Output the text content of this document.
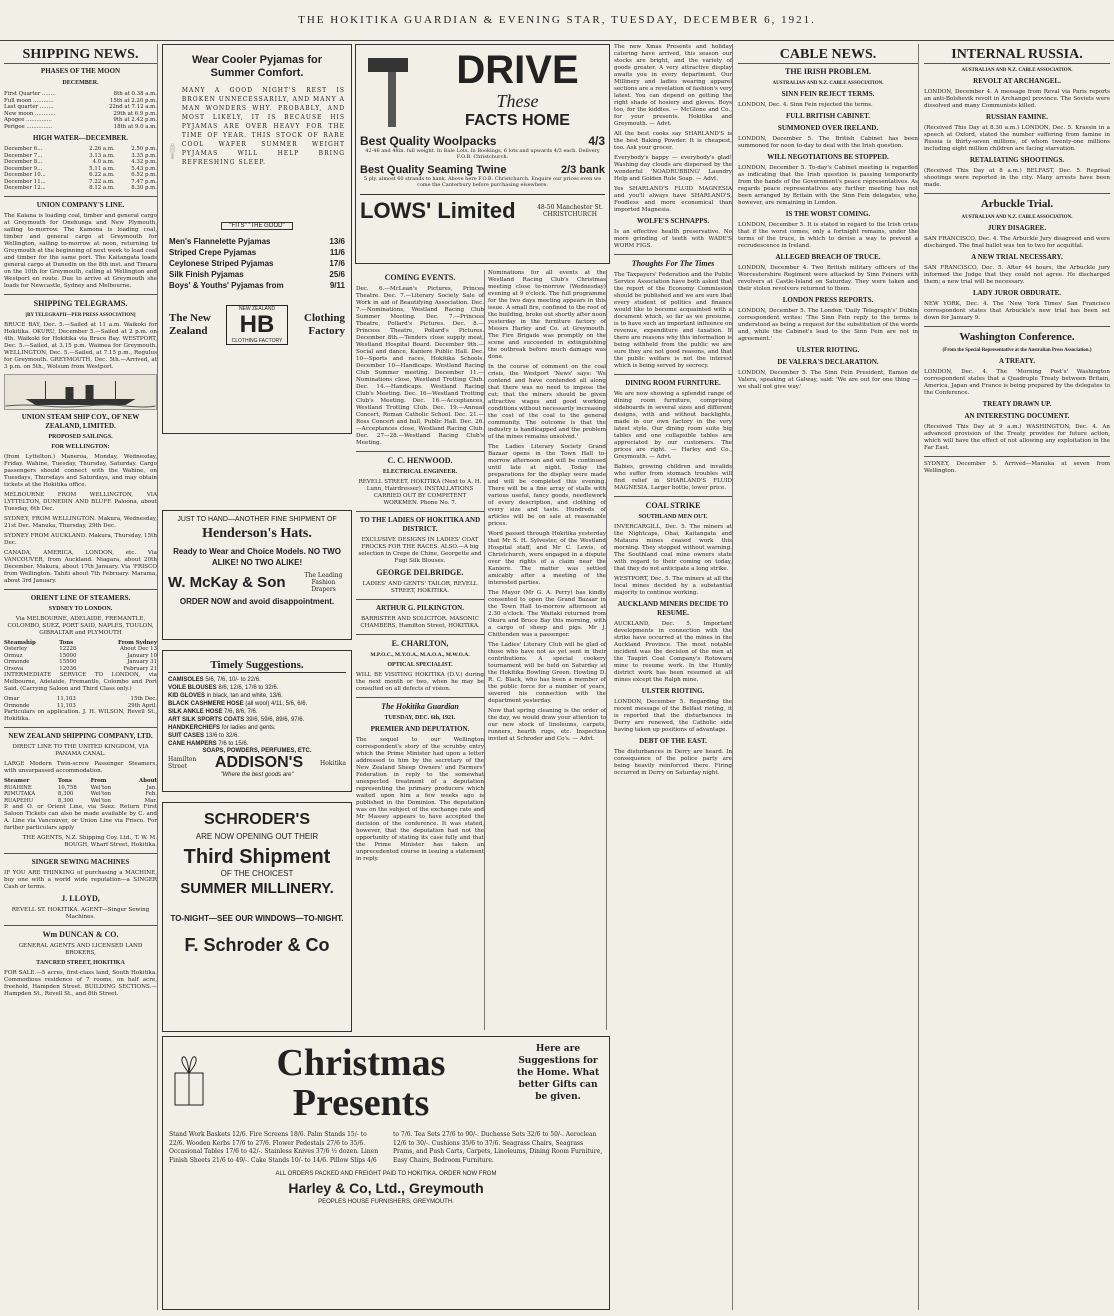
THE HOKITIKA GUARDIAN & EVENING STAR, TUESDAY, DECEMBER 6, 1921.
SHIPPING NEWS.
PHASES OF THE MOON
DECEMBER.
First Quarter ........	8th at 0.38 a.m.
Full moon ............	15th at 2.20 p.m.
Last quarter ........	22nd at 7.12 a.m.
New moon ............	29th at 6.9 p.m.
Apogee ...............	9th at 2.42 p.m.
Perigee ...............	18th at 9.0 a.m.
HIGH WATER—DECEMBER.
December 6...	2.26 a.m.	2.50 p.m.
December 7...	3.13 a.m.	3.35 p.m.
December 8...	4.0 a.m.	4.32 p.m.
December 9...	5.11 a.m.	5.43 p.m.
December 10...	6.22 a.m.	6.52 p.m.
December 11...	7.22 a.m.	7.47 p.m.
December 12...	8.12 a.m.	8.30 p.m.
UNION COMPANY'S LINE.
The Kaiana is loading coal, timber and general cargo at Greymouth for Onehunga and New Plymouth, sailing to-morrow. The Kamona is loading coal, timber and general cargo at Greymouth for Wellington, sailing to-morrow at noon, returning to Greymouth at the beginning of next week to load coal and timber for the same port. The Kaitangata loads general cargo at Dunedin on the 8th inst. and Timaru on the 10th for Greymouth, calling at Wellington and Westport en route. Due to arrive at Greymouth she loads for Newcastle, Sydney and Melbourne.
SHIPPING TELEGRAMS.
[BY TELEGRAPH—PER PRESS ASSOCIATION]
BRUCE BAY, Dec. 5.—Sailed at 11 a.m. Waikoki for Hokitika. OKURU, December 5.—Sailed at 2 p.m. on 4th. Waikoki for Hokitika via Bruce Bay. WESTPORT, Dec. 5.—Sailed, at 3.15 p.m. Waimea for Greymouth. WELLINGTON, Dec. 5.—Sailed, at 7.15 p.m., Regulus for Greymouth. GREYMOUTH, Dec. 5th.—Arrived, at 3 p.m. on 5th., Wolsum from Westport.
UNION STEAM SHIP COY., OF NEW ZEALAND, LIMITED.
PROPOSED SAILINGS.
FOR WELLINGTON:
(from Lyttelton.) Maneroa, Monday, Wednesday, Friday. Wahine, Tuesday, Thursday, Saturday. Cargo passengers should connect with the Wahine, on Tuesdays, Thursdays and Saturdays, and may obtain tickets at the Hokitika office.
MELBOURNE FROM WELLINGTON, VIA LYTTELTON, DUNEDIN AND BLUFF. Paloona, about Tuesday, 6th Dec.
SYDNEY, FROM WELLINGTON. Makura, Wednesday, 21st Dec. Manuka, Thursday, 29th Dec.
SYDNEY FROM AUCKLAND. Makura, Thursday, 15th Dec.
CANADA, AMERICA, LONDON, etc. Via VANCOUVER, from Auckland. Niagara, about 20th December. Makura, about 17th January. Via 'FRISCO from Wellington. Tahiti about 7th February. Marama, about 3rd January.
ORIENT LINE OF STEAMERS.
SYDNEY TO LONDON.
Via MELBOURNE, ADELAIDE, FREMANTLE, COLOMBO, SUEZ, PORT SAID, NAPLES, TOULON, GIBRALTAR and PLYMOUTH
Steamship	Tons	From Sydney
Osterley	12226	About Dec 13
Ormuz	15000	January 10
Ormonde	15500	January 31
Orsova	12036	February 21
INTERMEDIATE SERVICE TO LONDON, via Melbourne, Adelaide, Fremantle, Colombo and Port Said. (Carrying Saloon and Third Class only.)
Omar	11,103	15th Dec.
Ormonde	11,103	29th April.
Particulars on application. J. H. WILSON, Revell St., Hokitika.
NEW ZEALAND SHIPPING COMPANY, LTD.
DIRECT LINE TO THE UNITED KINGDOM, VIA PANAMA CANAL.
LARGE Modern Twin-screw Passenger Steamers, with unsurpassed accommodation.
Steamer	Tons	From	About
RUAHINE	10,758	Wel'ton	Jan.
RIMUTAKA	8,300	Wel'ton	Feb.
RUAPEHU	8,300	Wel'ton	Mar.
P. and O. or Orient Line, via Suez. Return First Saloon Tickets can also be made available by C. and A. Line via Vancouver, or Union Line via Frisco. For further particulars apply
THE AGENTS, N.Z. Shipping Coy. Ltd., T. W. M. BOUGH, Wharf Street, Hokitika.
SINGER SEWING MACHINES
IF YOU ARE THINKING of purchasing a MACHINE, buy one with a world wide reputation—a SINGER Cash or terms.
J. LLOYD,
REVELL ST. HOKITIKA. AGENT—Singer Sewing Machines.
Wm DUNCAN & CO.
GENERAL AGENTS AND LICENSED LAND BROKERS,
TANCRED STREET, HOKITIKA
FOR SALE.—5 acres, first-class land, South Hokitika. Commodious residence of 7 rooms, on half acre, freehold, Hampden Street. BUILDING SECTIONS.—Hampden St., Revell St., and 8th Street.
Wear Cooler Pyjamas for Summer Comfort.
MANY A GOOD NIGHT'S REST IS BROKEN UNNECESSARILY, AND MANY A MAN WONDERS WHY. PROBABLY, AND MOST LIKELY, IT IS BECAUSE HIS PYJAMAS ARE OVER HEAVY FOR THE TIME OF YEAR. THIS STOCK OF RARE COOL WAFER SUMMER WEIGHT PYJAMAS WILL HELP BRING REFRESHING SLEEP.
"FITS" "THE GOOD"
Men's Flannelette Pyjamas	13/6
Striped Crepe Pyjamas	11/6
Ceylonese Striped Pyjamas	17/6
Silk Finish Pyjamas	25/6
Boys' & Youths' Pyjamas from	9/11
The New Zealand
NEW ZEALAND
HB
CLOTHING FACTORY
Clothing Factory
DRIVE
These
FACTS HOME
Best Quality Woolpacks	4/3
42-46 and 48in. full weight. In Bale Lots. In Bookings, 6 lots and upwards 4/3 each. Delivery F.O.B. Christchurch.
Best Quality Seaming Twine	2/3 bank
5 ply. almost 60 strands to hank. Above here F.O.B. Christchurch. Enquire our prices even we come the Canterbury before purchasing elsewhere.
LOWS' Limited	48-50 Manchester St. CHRISTCHURCH
JUST TO HAND—ANOTHER FINE SHIPMENT OF
Henderson's Hats.
Ready to Wear and Choice Models. NO TWO ALIKE! NO TWO ALIKE!
W. McKay & Son	The Leading Fashion Drapers
ORDER NOW and avoid disappointment.
Timely Suggestions.
CAMISOLES 5/6, 7/6, 10/- to 22/6.
VOILE BLOUSES 8/6, 12/6, 17/6 to 32/6.
KID GLOVES in black, tan and white, 13/6.
BLACK CASHMERE HOSE (all wool) 4/11, 5/6, 6/6.
SILK ANKLE HOSE 7/6, 8/6, 7/6.
ART SILK SPORTS COATS 39/6, 59/6, 89/6, 97/6.
HANDKERCHIEFS for ladies and gents.
SUIT CASES 13/6 to 32/6.
CANE HAMPERS 7/6 to 15/6.
SOAPS, POWDERS, PERFUMES, ETC.
Hamilton Street	ADDISON'S	Hokitika
"Where the best goods are"
SCHRODER'S
ARE NOW OPENING OUT THEIR
Third Shipment
OF THE CHOICEST
SUMMER MILLINERY.
TO-NIGHT—SEE OUR WINDOWS—TO-NIGHT.
F. Schroder & Co
Christmas Presents
Here are Suggestions for the Home. What better Gifts can be given.
Stand Work Baskets 12/6. Fire Screens 18/6. Palm Stands 15/- to 22/6. Wooden Kerbs 17/6 to 27/6. Flower Pedestals 27/6 to 35/6. Occasional Tables 17/6 to 42/-. Stainless Knives 37/6 ½ dozen. Linen Finish Sheets 21/6 to 49/-. Cake Stands 10/- to 14/6. Pillow Slips 4/6 to 7/6. Tea Sets 27/6 to 90/-. Duchesse Sets 32/6 to 50/-. Aeroclean 12/6 to 30/-. Cushions 35/6 to 37/6. Seagrass Chairs, Seagrass Prams, and Push Carts, Carpets, Linoleums, Dining Room Furniture, Easy Chairs, Bedroom Furniture.
ALL ORDERS PACKED AND FREIGHT PAID TO HOKITIKA. ORDER NOW FROM
Harley & Co, Ltd., Greymouth
PEOPLES HOUSE FURNISHERS, GREYMOUTH.
COMING EVENTS.
Dec. 6.—McLean's Pictures, Princes Theatre. Dec. 7.—Literary Society Sale of Work in aid of Beautifying Association. Dec. 7.—Nominations, Westland Racing Club Summer Meeting. Dec. 7.—Princess Theatre, Pollard's Pictures. Dec. 8.—Princess Theatre, Pollard's Pictures. December 8th.—Tenders close supply meat, Westland Hospital Board. December 9th.—Social and dance, Kaniere Public Hall. Dec. 10—Sports and races, Hokitika Schools. December 10—Handicaps. Westland Racing Club Summer meeting. December 11.—Nominations close, Westland Trotting Club. Dec. 14.—Handicaps. Westland Racing Club's Meeting. Dec. 16—Westland Trotting Club's Meeting. Dec. 16.—Acceptances, Westland Trotting Club. Dec. 19.—Annual Concert, Roman Catholic School. Dec. 21.—Ross Concert and ball, Public Hall. Dec. 26.—Acceptances close, Westland Racing Club. Dec. 27—28.—Westland Racing Club's Meeting.
C. C. HENWOOD.
ELECTRICAL ENGINEER.
REVELL STREET, HOKITIKA (Next to A. H. Lunn, Hairdresser). INSTALLATIONS CARRIED OUT BY COMPETENT WORKMEN. Phone No. 7.
TO THE LADIES OF HOKITIKA AND DISTRICT.
EXCLUSIVE DESIGNS IN LADIES' COAT FROCKS FOR THE RACES. ALSO.—A big selection in Crepe de Chine, Georgette and Fugi Silk Blouses.
GEORGE DELBRIDGE.
LADIES' AND GENTS' TAILOR, REVELL STREET, HOKITIKA.
ARTHUR G. PILKINGTON.
BARRISTER AND SOLICITOR. MASONIC CHAMBERS, Hamilton Street, HOKITIKA.
E. CHARLTON,
M.P.O.C., M.Y.O.A., M.A.O.A., M.W.O.A.
OPTICAL SPECIALIST.
WILL BE VISITING HOKITIKA (D.V.) during the next month or two, when he may be consulted on all defects of vision.
The Hokitika Guardian
TUESDAY, DEC. 6th, 1921.
PREMIER AND DEPUTATION.
The sequel to our Wellington correspondent's story of the scrubby entry which the Prime Minister had upon a letter addressed to him by the secretary of the New Zealand Sheep Owners' and Farmers' Federation in reply to the somewhat unexpected treatment of a deputation representing the primary producers which waited upon him a few weeks ago is published in the Dominion. The deputation was on the subject of the exchange rate and Mr Massey appears to have accepted the decision of the conference. It was stated, however, that the deputation had not the opportunity of stating its case fully and that the Prime Minister has taken an unprecedented course in issuing a statement in reply.
Nominations for all events at the Westland Racing Club's Christmas meeting close to-morrow (Wednesday) evening at 9 o'clock. The full programme for the two days meeting appears in this issue. A small fire, confined to the roof of the building, broke out shortly after noon yesterday in the furniture factory of Messrs Harley and Co. at Greymouth. The Fire Brigade was promptly on the scene and succeeded in extinguishing the outbreak before much damage was done.
In the course of comment on the coal crisis, the Westport 'News' says: 'We contend and have contended all along that there was no need to impose the cut; that the miners should be given attractive wages and good working conditions without necessarily increasing the cost of the coal to the general community. The outcome is that the industry is handicapped and the problem of the mines remains unsolved.'
The Ladies Literary Society Grand Bazaar opens in the Town Hall to-morrow afternoon and will be continued until late at night. Today the preparations for the display were made and will be completed this evening. There will be a fine array of stalls with various useful, fancy goods, needlework of every description, and clothing of every size and taste. Hundreds of articles will be on sale at reasonable prices.
Word passed through Hokitika yesterday that Mr S. H. Sylvester, of the Westland Hospital staff, and Mr C. Lewis, of Christchurch, were engaged in a dispute over the rights of a claim near the Kaniere. The matter was settled amicably after a meeting of the interested parties.
The Mayor (Mr G. A. Perry) has kindly consented to open the Grand Bazaar in the Town Hall to-morrow afternoon at 2.30 o'clock. The Waitaki returned from Okuru and Bruce Bay this morning, with a cargo of sheep and pigs. Mr J. Chittenden was a passenger.
The Ladies' Literary Club will be glad of those who have not as yet sent in their contributions. A special cookery tournament will be held on Saturday at the Hokitika Bowling Green. Howling D. R. C. Black, who has been a member of the public force for a number of years, severed his connection with the department yesterday.
Now that spring cleaning is the order of the day, we would draw your attention to our new stock of linoleums, carpets, runners, hearth rugs, etc. Inspection invited at Schroder and Co's. — Advt.
The new Xmas Presents and holiday catering have arrived, this season our stocks are bright, and the variety of goods greater. A very attractive display awaits you in every department. Our Millinery and ladies wearing apparel sections are a revelation of fashion's very latest. You can depend on getting the right shade of hosiery and gloves. Boys too, for the kiddies. — McGlone and Co., for your presents. Hokitika and Greymouth. — Advt.
All the best cooks say SHARLAND'S is the best Baking Powder. It is cheapest, too. Ask your grocer.
Everybody's happy — everybody's glad! Washing day clouds are dispersed by the wonderful 'NOADRUBBING' Laundry Help and Golden Rule Soap. — Advt.
Yes SHARLAND'S FLUID MAGNESIA and you'll always have SHARLAND'S, Foodless and more economical than imported Magnesia.
WOLFE'S SCHNAPPS.
Is an effective health preservative. No more grinding of teeth with WADE'S WORM FIGS.
Thoughts For The Times
The Taxpayers' Federation and the Public Service Association have both asked that the report of the Economy Commission should be published and we are sure that every student of politics and finance would like to become acquainted with a document which, so far as we presume, is to have such an important influence on revenue, expenditure and taxation. If there are reasons why this information is being withheld from the public we are sure they are not good reasons, and that the public welfare is not the interest which is being served by secrecy.
DINING ROOM FURNITURE.
We are now showing a splendid range of dining room furniture, comprising sideboards in several sizes and different designs, with and without backlights, made in our own factory in the very latest style. Our dining room suite big tables and one collapsible tables are appreciated by our customers. The prices are right. — Harley and Co., Greymouth. — Advt.
Babies, growing children and invalids who suffer from stomach troubles will find relief in SHARLAND'S FLUID MAGNESIA. Larger bottle, lower price.
COAL STRIKE
SOUTHLAND MEN OUT.
INVERCARGILL, Dec. 5. The miners at the Nightcaps, Ohai, Kaitangata and Mataura mines ceased work this morning. They stopped without warning. The Southland coal mine owners state with regard to their coming on today, that they do not anticipate a long strike.
WESTPORT, Dec. 5. The miners at all the local mines decided by a substantial majority to continue working.
AUCKLAND MINERS DECIDE TO RESUME.
AUCKLAND, Dec. 5. Important developments in connection with the strike have occurred at the mines in the Auckland Province. The most notable incident was the decision of the men at the Taupiri Coal Company's Rotowaro mine to resume work. In the Huntly district work has been resumed at all mines except the Ralph mine.
ULSTER RIOTING.
LONDON, December 5. Regarding the recent message of the Belfast rioting, it is reported that the disturbances in Derry are renewed, the Catholic side having taken up positions of advantage.
DEBT OF THE EAST.
The disturbances in Derry are heard. In consequence of the police party are being heavily reinforced there. Firing occurred in Derry on Saturday night.
CABLE NEWS.
THE IRISH PROBLEM.
AUSTRALIAN AND N.Z. CABLE ASSOCIATION.
SINN FEIN REJECT TERMS.
LONDON, Dec. 4. Sinn Fein rejected the terms.
FULL BRITISH CABINET.
SUMMONED OVER IRELAND.
LONDON, December 5. The British Cabinet has been summoned for noon to-day to deal with the Irish question.
WILL NEGOTIATIONS BE STOPPED.
LONDON, December 5. To-day's Cabinet meeting is regarded as indicating that the Irish question is passing temporarily from the hands of the Government's peace representatives. As regards peace representatives any further meeting has not been arranged by Britain with the Sinn Fein delegates, who, however, are remaining in London.
IS THE WORST COMING.
LONDON, December 5. It is stated in regard to the Irish crisis that if the worst comes, only a fortnight remains, under the terms of the truce, in which to devise a way to prevent a recrudescence in Ireland.
ALLEGED BREACH OF TRUCE.
LONDON, December 4. Two British military officers of the Worcestershire Regiment were attacked by Sinn Feiners with revolvers at Castle-Island on Saturday. They were taken and their stolen revolvers returned to them.
LONDON PRESS REPORTS.
LONDON, December 5. The London 'Daily Telegraph's' Dublin correspondent writes: 'The Sinn Fein reply to the terms is understood as being a request for the substitution of the words and, while the Cabinet's lead to the Sinn Fein are not in agreement.'
ULSTER RIOTING.
DE VALERA'S DECLARATION.
LONDON, December 5. The Sinn Fein President, Eamon de Valera, speaking at Galway, said: 'We are out for one thing — we shall not give way.'
INTERNAL RUSSIA.
AUSTRALIAN AND N.Z. CABLE ASSOCIATION.
REVOLT AT ARCHANGEL.
LONDON, December 4. A message from Reval via Paris reports an anti-Bolshevik revolt in Archangel province. The Soviets were dissolved and many Communists killed.
RUSSIAN FAMINE.
(Received This Day at 8.30 a.m.) LONDON, Dec. 5. Krassin in a speech at Oxford, stated the number suffering from famine in Russia is thirty-seven millions, of whom twenty-one millions including eight million children are facing starvation.
RETALIATING SHOOTINGS.
(Received This Day at 8 a.m.) BELFAST, Dec. 5. Reprisal shootings were reported in the city. Many arrests have been made.
Arbuckle Trial.
AUSTRALIAN AND N.Z. CABLE ASSOCIATION.
JURY DISAGREE.
SAN FRANCISCO, Dec. 4. The Arbuckle Jury disagreed and were discharged. The final ballot was ten to two for acquittal.
A NEW TRIAL NECESSARY.
SAN FRANCISCO, Dec. 5. After 44 hours, the Arbuckle jury informed the Judge that they could not agree. He discharged them; a new trial will be necessary.
LADY JUROR OBDURATE.
NEW YORK, Dec. 4. The 'New York Times' San Francisco correspondent states that Arbuckle's new trial has been set down for January 9.
Washington Conference.
(From the Special Representative at the Australian Press Association.)
A TREATY.
LONDON, Dec. 4. The 'Morning Post's' Washington correspondent states that a Quadruple Treaty between Britain, America, Japan and France is being prepared by the delegates to the Conference.
TREATY DRAWN UP.
AN INTERESTING DOCUMENT.
(Received This Day at 9 a.m.) WASHINGTON, Dec. 4. An advanced provision of the Treaty provides for future action, which will have the effect of not allowing any exploitation in the Far East.
SYDNEY, December 5. Arrived—Manuka at seven from Wellington.
